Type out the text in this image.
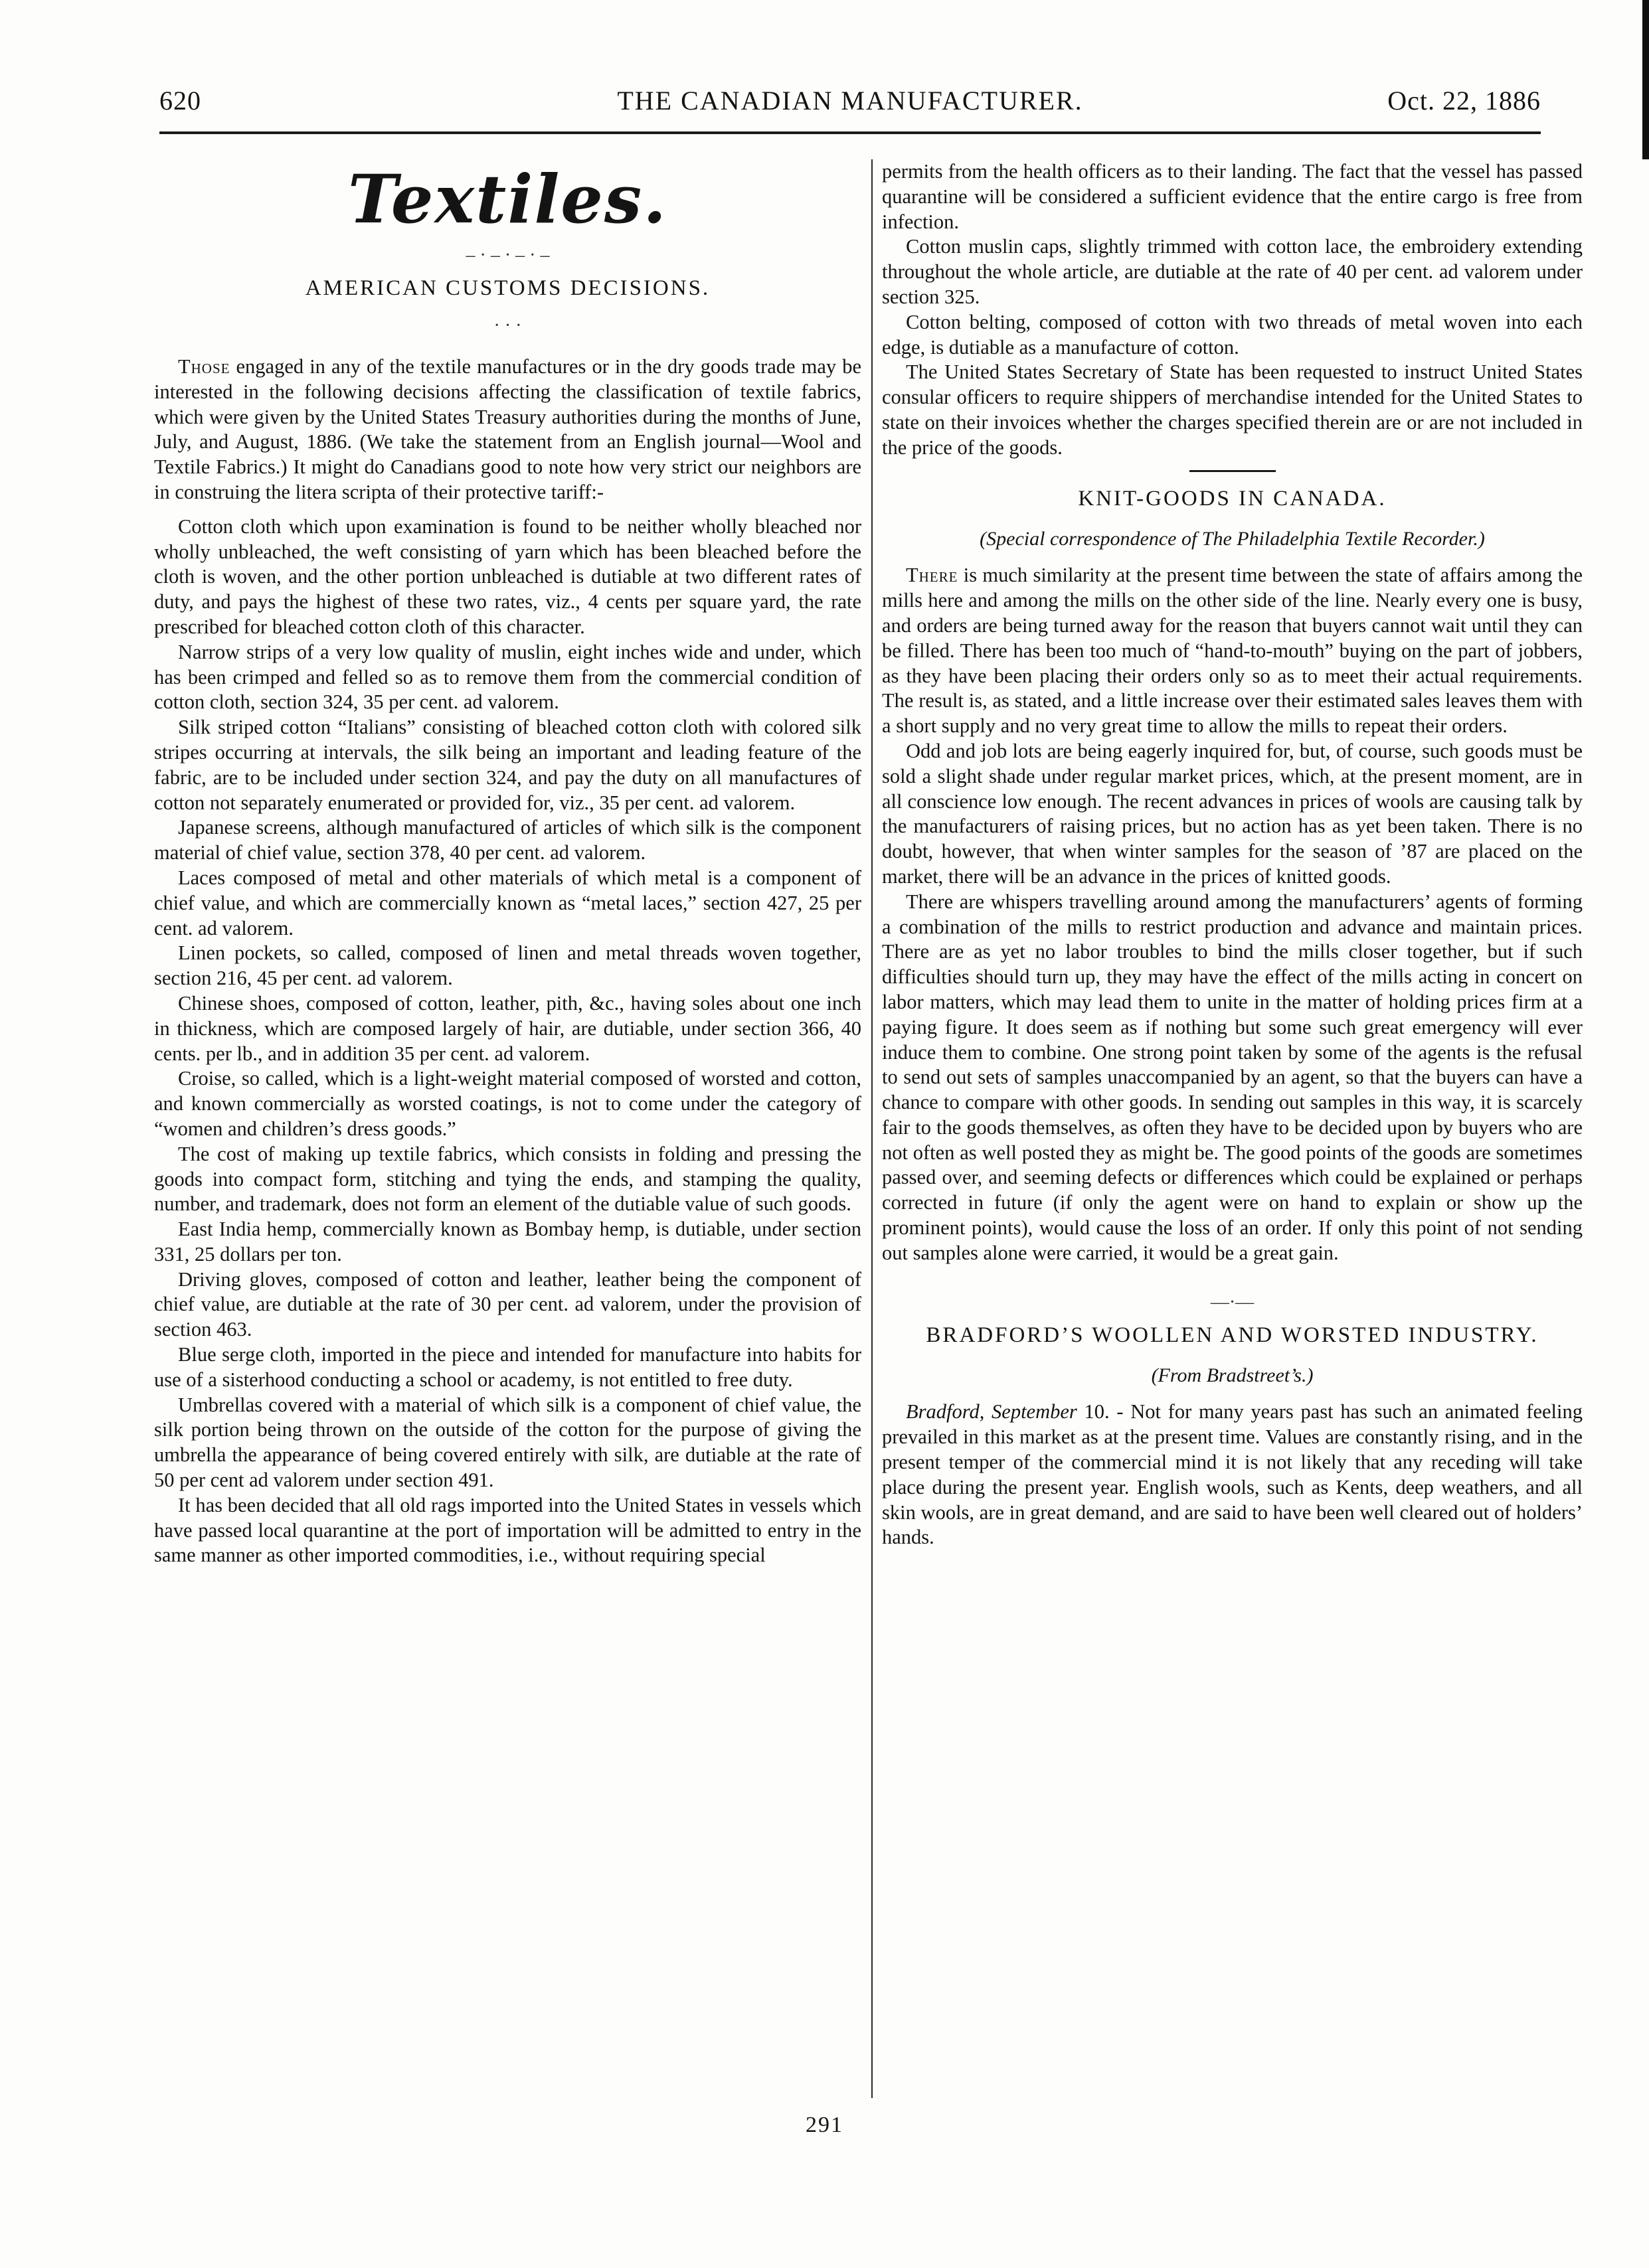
620	THE CANADIAN MANUFACTURER.	Oct. 22, 1886
Textiles.
– · – · – · –
AMERICAN CUSTOMS DECISIONS.
· · ·

Those engaged in any of the textile manufactures or in the dry goods trade may be interested in the following decisions affecting the classification of textile fabrics, which were given by the United States Treasury authorities during the months of June, July, and August, 1886. (We take the statement from an English journal—Wool and Textile Fabrics.) It might do Canadians good to note how very strict our neighbors are in construing the litera scripta of their protective tariff:-

Cotton cloth which upon examination is found to be neither wholly bleached nor wholly unbleached, the weft consisting of yarn which has been bleached before the cloth is woven, and the other portion unbleached is dutiable at two different rates of duty, and pays the highest of these two rates, viz., 4 cents per square yard, the rate prescribed for bleached cotton cloth of this character.

Narrow strips of a very low quality of muslin, eight inches wide and under, which has been crimped and felled so as to remove them from the commercial condition of cotton cloth, section 324, 35 per cent. ad valorem.

Silk striped cotton “Italians” consisting of bleached cotton cloth with colored silk stripes occurring at intervals, the silk being an important and leading feature of the fabric, are to be included under section 324, and pay the duty on all manufactures of cotton not separately enumerated or provided for, viz., 35 per cent. ad valorem.

Japanese screens, although manufactured of articles of which silk is the component material of chief value, section 378, 40 per cent. ad valorem.

Laces composed of metal and other materials of which metal is a component of chief value, and which are commercially known as “metal laces,” section 427, 25 per cent. ad valorem.

Linen pockets, so called, composed of linen and metal threads woven together, section 216, 45 per cent. ad valorem.

Chinese shoes, composed of cotton, leather, pith, &c., having soles about one inch in thickness, which are composed largely of hair, are dutiable, under section 366, 40 cents. per lb., and in addition 35 per cent. ad valorem.

Croise, so called, which is a light-weight material composed of worsted and cotton, and known commercially as worsted coatings, is not to come under the category of “women and children’s dress goods.”

The cost of making up textile fabrics, which consists in folding and pressing the goods into compact form, stitching and tying the ends, and stamping the quality, number, and trademark, does not form an element of the dutiable value of such goods.

East India hemp, commercially known as Bombay hemp, is dutiable, under section 331, 25 dollars per ton.

Driving gloves, composed of cotton and leather, leather being the component of chief value, are dutiable at the rate of 30 per cent. ad valorem, under the provision of section 463.

Blue serge cloth, imported in the piece and intended for manufacture into habits for use of a sisterhood conducting a school or academy, is not entitled to free duty.

Umbrellas covered with a material of which silk is a component of chief value, the silk portion being thrown on the outside of the cotton for the purpose of giving the umbrella the appearance of being covered entirely with silk, are dutiable at the rate of 50 per cent ad valorem under section 491.

It has been decided that all old rags imported into the United States in vessels which have passed local quarantine at the port of importation will be admitted to entry in the same manner as other imported commodities, i.e., without requiring special

permits from the health officers as to their landing. The fact that the vessel has passed quarantine will be considered a sufficient evidence that the entire cargo is free from infection.

Cotton muslin caps, slightly trimmed with cotton lace, the embroidery extending throughout the whole article, are dutiable at the rate of 40 per cent. ad valorem under section 325.

Cotton belting, composed of cotton with two threads of metal woven into each edge, is dutiable as a manufacture of cotton.

The United States Secretary of State has been requested to instruct United States consular officers to require shippers of merchandise intended for the United States to state on their invoices whether the charges specified therein are or are not included in the price of the goods.

KNIT-GOODS IN CANADA.
(Special correspondence of The Philadelphia Textile Recorder.)

There is much similarity at the present time between the state of affairs among the mills here and among the mills on the other side of the line. Nearly every one is busy, and orders are being turned away for the reason that buyers cannot wait until they can be filled. There has been too much of “hand-to-mouth” buying on the part of jobbers, as they have been placing their orders only so as to meet their actual requirements. The result is, as stated, and a little increase over their estimated sales leaves them with a short supply and no very great time to allow the mills to repeat their orders.

Odd and job lots are being eagerly inquired for, but, of course, such goods must be sold a slight shade under regular market prices, which, at the present moment, are in all conscience low enough. The recent advances in prices of wools are causing talk by the manufacturers of raising prices, but no action has as yet been taken. There is no doubt, however, that when winter samples for the season of ’87 are placed on the market, there will be an advance in the prices of knitted goods.

There are whispers travelling around among the manufacturers’ agents of forming a combination of the mills to restrict production and advance and maintain prices. There are as yet no labor troubles to bind the mills closer together, but if such difficulties should turn up, they may have the effect of the mills acting in concert on labor matters, which may lead them to unite in the matter of holding prices firm at a paying figure. It does seem as if nothing but some such great emergency will ever induce them to combine. One strong point taken by some of the agents is the refusal to send out sets of samples unaccompanied by an agent, so that the buyers can have a chance to compare with other goods. In sending out samples in this way, it is scarcely fair to the goods themselves, as often they have to be decided upon by buyers who are not often as well posted they as might be. The good points of the goods are sometimes passed over, and seeming defects or differences which could be explained or perhaps corrected in future (if only the agent were on hand to explain or show up the prominent points), would cause the loss of an order. If only this point of not sending out samples alone were carried, it would be a great gain.

—·—
BRADFORD’S WOOLLEN AND WORSTED INDUSTRY.
(From Bradstreet’s.)

Bradford, September 10. - Not for many years past has such an animated feeling prevailed in this market as at the present time. Values are constantly rising, and in the present temper of the commercial mind it is not likely that any receding will take place during the present year. English wools, such as Kents, deep weathers, and all skin wools, are in great demand, and are said to have been well cleared out of holders’ hands.

291
